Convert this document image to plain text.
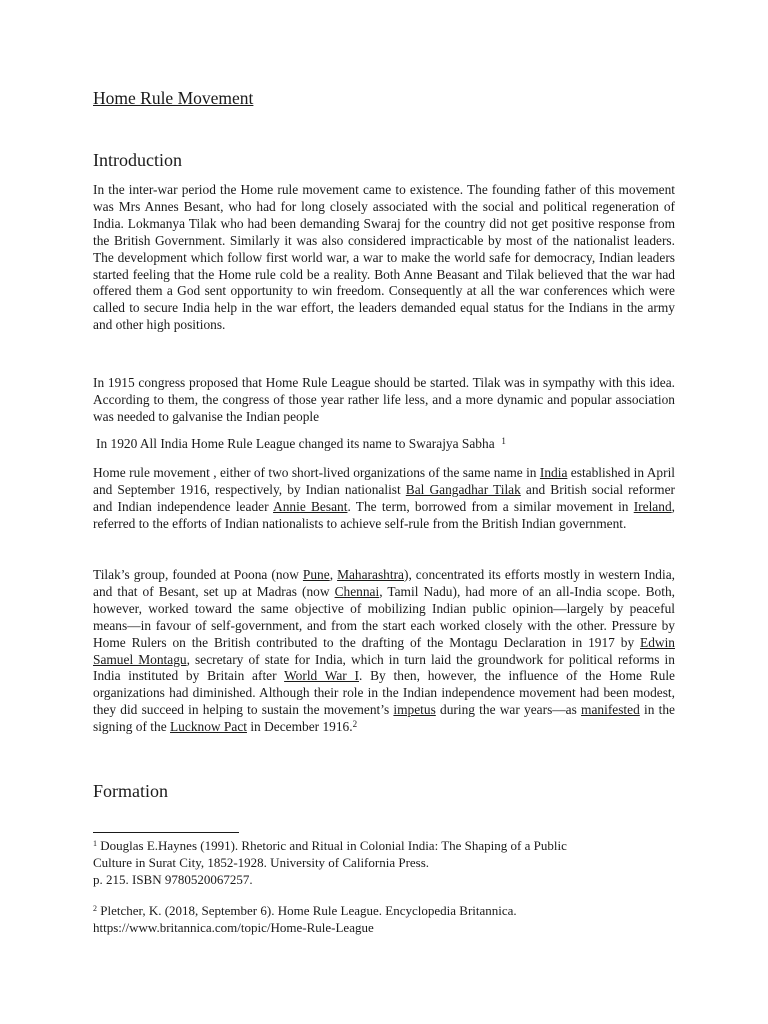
Home Rule Movement
Introduction

In the inter-war period the Home rule movement came to existence. The founding father of this movement was Mrs Annes Besant, who had for long closely associated with the social and political regeneration of India. Lokmanya Tilak who had been demanding Swaraj for the country did not get positive response from the British Government. Similarly it was also considered impracticable by most of the nationalist leaders. The development which follow first world war, a war to make the world safe for democracy, Indian leaders started feeling that the Home rule cold be a reality. Both Anne Beasant and Tilak believed that the war had offered them a God sent opportunity to win freedom. Consequently at all the war conferences which were called to secure India help in the war effort, the leaders demanded equal status for the Indians in the army and other high positions.

In 1915 congress proposed that Home Rule League should be started. Tilak was in sympathy with this idea. According to them, the congress of those year rather life less, and a more dynamic and popular association was needed to galvanise the Indian people

In 1920 All India Home Rule League changed its name to Swarajya Sabha $^1$

Home rule movement , either of two short-lived organizations of the same name in India established in April and September 1916, respectively, by Indian nationalist Bal Gangadhar Tilak and British social reformer and Indian independence leader Annie Besant. The term, borrowed from a similar movement in Ireland, referred to the efforts of Indian nationalists to achieve self-rule from the British Indian government.

Tilak’s group, founded at Poona (now Pune, Maharashtra), concentrated its efforts mostly in western India, and that of Besant, set up at Madras (now Chennai, Tamil Nadu), had more of an all-India scope. Both, however, worked toward the same objective of mobilizing Indian public opinion—largely by peaceful means—in favour of self-government, and from the start each worked closely with the other. Pressure by Home Rulers on the British contributed to the drafting of the Montagu Declaration in 1917 by Edwin Samuel Montagu, secretary of state for India, which in turn laid the groundwork for political reforms in India instituted by Britain after World War I. By then, however, the influence of the Home Rule organizations had diminished. Although their role in the Indian independence movement had been modest, they did succeed in helping to sustain the movement’s impetus during the war years—as manifested in the signing of the Lucknow Pact in December 1916.$^2$

Formation

$^1$ Douglas E.Haynes (1991). Rhetoric and Ritual in Colonial India: The Shaping of a Public
Culture in Surat City, 1852-1928. University of California Press.
p. 215. ISBN 9780520067257.

$^2$ Pletcher, K. (2018, September 6). Home Rule League. Encyclopedia Britannica.
https://www.britannica.com/topic/Home-Rule-League
